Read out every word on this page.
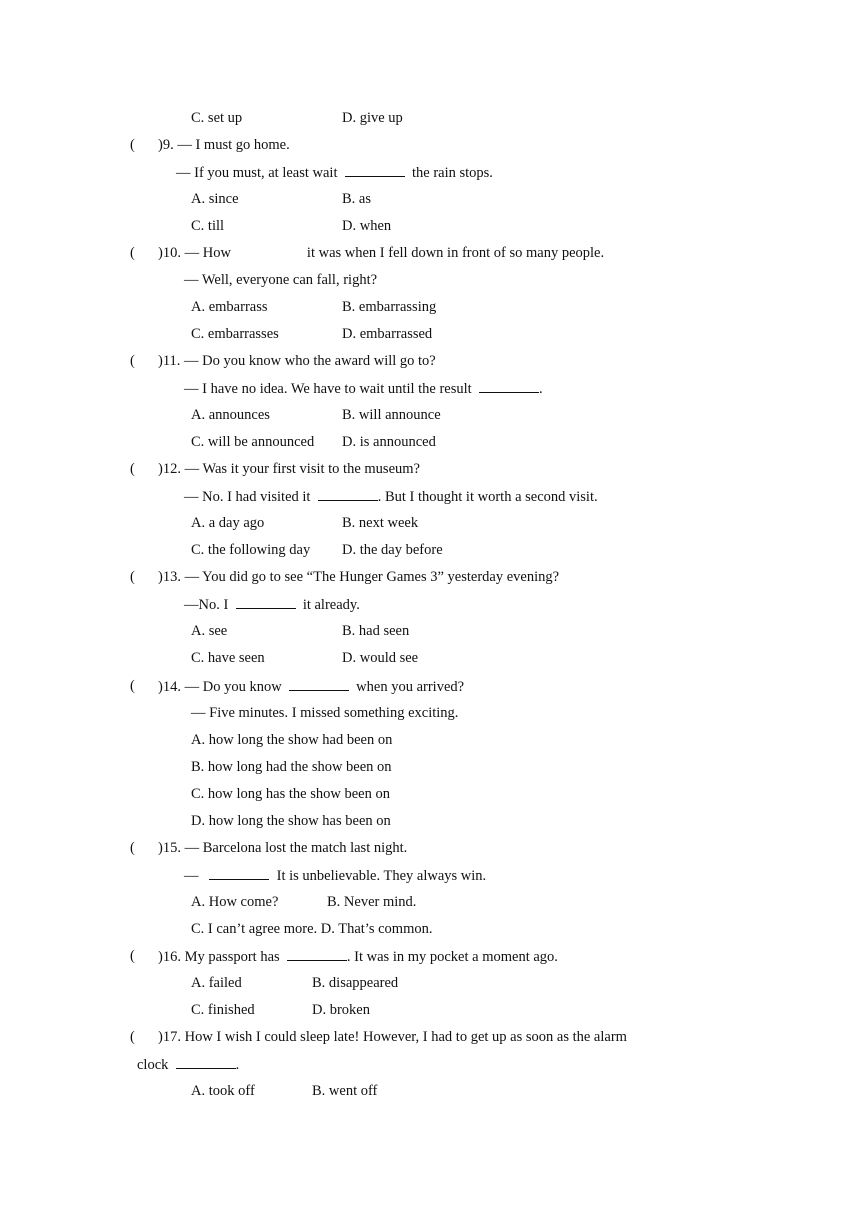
C. set up	D. give up
( )9. — I must go home.
— If you must, at least wait	the rain stops.
A. since	B. as
C. till	D. when
( )10. — How	it was when I fell down in front of so many people.
— Well, everyone can fall, right?
A. embarrass	B. embarrassing
C. embarrasses	D. embarrassed
( )11. — Do you know who the award will go to?
— I have no idea. We have to wait until the result	.
A. announces	B. will announce
C. will be announced D. is announced
( )12. — Was it your first visit to the museum?
— No. I had visited it	. But I thought it worth a second visit.
A. a day ago	B. next week
C. the following day D. the day before
( )13. — You did go to see “The Hunger Games 3” yesterday evening?
—No. I	it already.
A. see	B. had seen
C. have seen	D. would see
( )14. — Do you know	when you arrived?
— Five minutes. I missed something exciting.
A. how long the show had been on
B. how long had the show been on
C. how long has the show been on
D. how long the show has been on
( )15. — Barcelona lost the match last night.
—	It is unbelievable. They always win.
A. How come?	B. Never mind.
C. I can’t agree more. D. That’s common.
( )16. My passport has	. It was in my pocket a moment ago.
A. failed	B. disappeared
C. finished	D. broken
( )17. How I wish I could sleep late! However, I had to get up as soon as the alarm
clock	.
A. took off	B. went off
